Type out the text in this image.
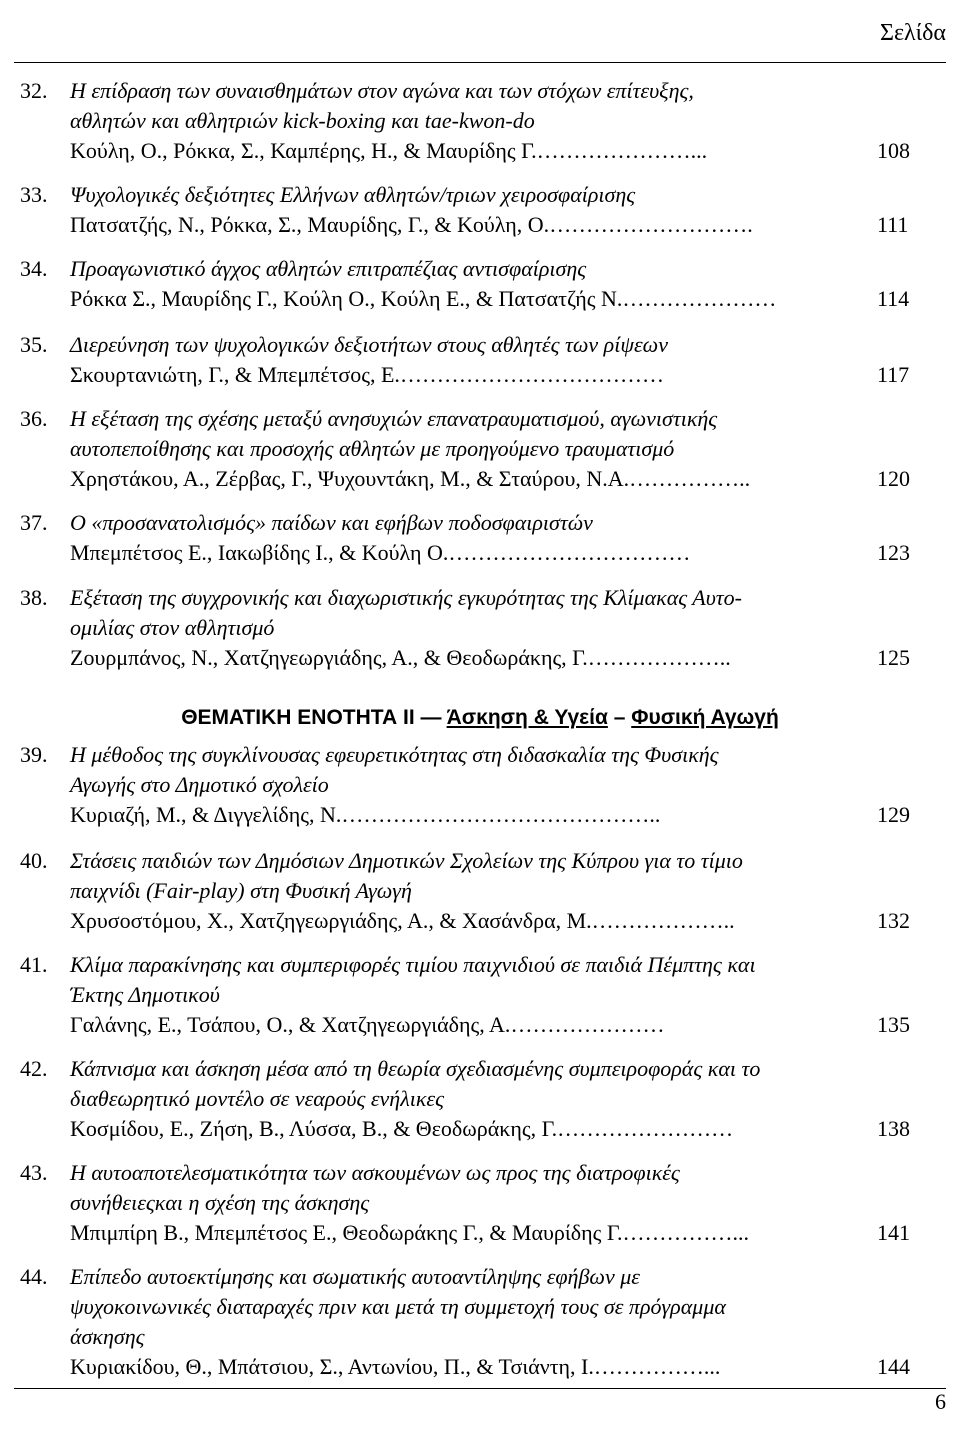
Σελίδα
32. Η επίδραση των συναισθημάτων στον αγώνα και των στόχων επίτευξης,
αθλητών και αθλητριών kick-boxing και tae-kwon-do
Κούλη, Ο., Ρόκκα, Σ., Καμπέρης, Η., & Μαυρίδης Γ. …………………...	108
33. Ψυχολογικές δεξιότητες Ελλήνων αθλητών/τριων χειροσφαίρισης
Πατσατζής, Ν., Ρόκκα, Σ., Μαυρίδης, Γ., & Κούλη, Ο. ……………………….	111
34. Προαγωνιστικό άγχος αθλητών επιτραπέζιας αντισφαίρισης
Ρόκκα Σ., Μαυρίδης Γ., Κούλη Ο., Κούλη Ε., & Πατσατζής Ν. …………………	114
35. Διερεύνηση των ψυχολογικών δεξιοτήτων στους αθλητές των ρίψεων
Σκουρτανιώτη, Γ., & Μπεμπέτσος, Ε. ………………………………	117
36. Η εξέταση της σχέσης μεταξύ ανησυχιών επανατραυματισμού, αγωνιστικής
αυτοπεποίθησης και προσοχής αθλητών με προηγούμενο τραυματισμό
Χρηστάκου, Α., Ζέρβας, Γ., Ψυχουντάκη, Μ., & Σταύρου, Ν.Α. ……………..	120
37. Ο «προσανατολισμός» παίδων και εφήβων ποδοσφαιριστών
Μπεμπέτσος Ε., Ιακωβίδης Ι., & Κούλη Ο. ……………………………	123
38. Εξέταση της συγχρονικής και διαχωριστικής εγκυρότητας της Κλίμακας Αυτο-
ομιλίας στον αθλητισμό
Ζουρμπάνος, Ν., Χατζηγεωργιάδης, Α., & Θεοδωράκης, Γ. ………………..	125
39. Η μέθοδος της συγκλίνουσας εφευρετικότητας στη διδασκαλία της Φυσικής
Αγωγής στο Δημοτικό σχολείο
Κυριαζή, Μ., & Διγγελίδης, Ν. ……………………………………..	129
40. Στάσεις παιδιών των Δημόσιων Δημοτικών Σχολείων της Κύπρου για το τίμιο
παιχνίδι (Fair-play) στη Φυσική Αγωγή
Χρυσοστόμου, Χ., Χατζηγεωργιάδης, Α., & Χασάνδρα, Μ. ………………..	132
41. Κλίμα παρακίνησης και συμπεριφορές τιμίου παιχνιδιού σε παιδιά Πέμπτης και
Έκτης Δημοτικού
Γαλάνης, Ε., Τσάπου, Ο., & Χατζηγεωργιάδης, Α. …………………	135
42. Κάπνισμα και άσκηση μέσα από τη θεωρία σχεδιασμένης συμπειροφοράς και το
διαθεωρητικό μοντέλο σε νεαρούς ενήλικες
Κοσμίδου, Ε., Ζήση, Β., Λύσσα, Β., & Θεοδωράκης, Γ. ……………………	138
43. Η αυτοαποτελεσματικότητα των ασκουμένων ως προς της διατροφικές
συνήθειεςκαι η σχέση της άσκησης
Μπιμπίρη Β., Μπεμπέτσος Ε., Θεοδωράκης Γ., & Μαυρίδης Γ. ……………...	141
44. Επίπεδο αυτοεκτίμησης και σωματικής αυτοαντίληψης εφήβων με
ψυχοκοινωνικές διαταραχές πριν και μετά τη συμμετοχή τους σε πρόγραμμα
άσκησης
Κυριακίδου, Θ., Μπάτσιου, Σ., Αντωνίου, Π., & Τσιάντη, Ι. ……………...	144
ΘΕΜΑΤΙΚΗ ΕΝΟΤΗΤΑ ΙΙ — Άσκηση & Υγεία – Φυσική Αγωγή
6
